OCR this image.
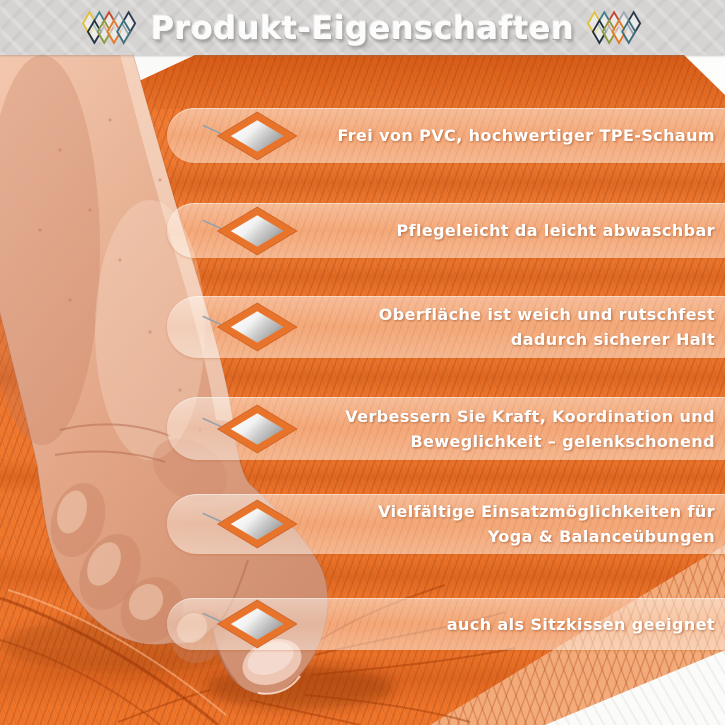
Frei von PVC, hochwertiger TPE-Schaum
Pflegeleicht da leicht abwaschbar
Oberfläche ist weich und rutschfest
dadurch sicherer Halt
Verbessern Sie Kraft, Koordination und
Beweglichkeit – gelenkschonend
Vielfältige Einsatzmöglichkeiten für
Yoga & Balanceübungen
auch als Sitzkissen geeignet
Produkt-Eigenschaften
